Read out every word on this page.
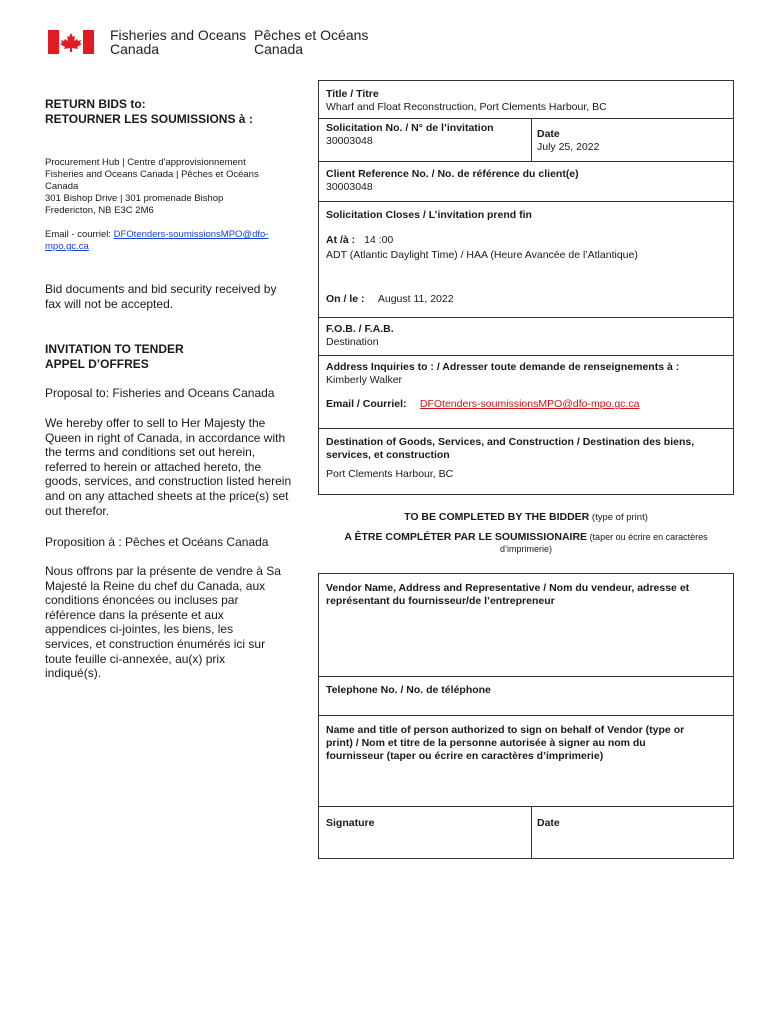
Fisheries and Oceans
Canada
Pêches et Océans
Canada
RETURN BIDS to:
RETOURNER LES SOUMISSIONS à :
Procurement Hub | Centre d'approvisionnement
Fisheries and Oceans Canada | Pêches et Océans
Canada
301 Bishop Drive | 301 promenade Bishop
Fredericton, NB E3C 2M6
Email - courriel: DFOtenders-soumissionsMPO@dfo-
mpo.gc.ca
Bid documents and bid security received by
fax will not be accepted.
INVITATION TO TENDER
APPEL D’OFFRES
Proposal to: Fisheries and Oceans Canada
We hereby offer to sell to Her Majesty the
Queen in right of Canada, in accordance with
the terms and conditions set out herein,
referred to herein or attached hereto, the
goods, services, and construction listed herein
and on any attached sheets at the price(s) set
out therefor.
Proposition à : Pêches et Océans Canada
Nous offrons par la présente de vendre à Sa
Majesté la Reine du chef du Canada, aux
conditions énoncées ou incluses par
référence dans la présente et aux
appendices ci-jointes, les biens, les
services, et construction énumérés ici sur
toute feuille ci-annexée, au(x) prix
indiqué(s).
Title / Titre
Wharf and Float Reconstruction, Port Clements Harbour, BC
Solicitation No. / N° de l’invitation
30003048
Date
July 25, 2022
Client Reference No. / No. de référence du client(e)
30003048
Solicitation Closes / L’invitation prend fin
At /à : 14 :00
ADT (Atlantic Daylight Time) / HAA (Heure Avancée de l’Atlantique)
On / le : August 11, 2022
F.O.B. / F.A.B.
Destination
Address Inquiries to : / Adresser toute demande de renseignements à :
Kimberly Walker
Email / Courriel: DFOtenders-soumissionsMPO@dfo-mpo.gc.ca
Destination of Goods, Services, and Construction / Destination des biens,
services, et construction
Port Clements Harbour, BC
TO BE COMPLETED BY THE BIDDER (type of print)
A ÊTRE COMPLÉTER PAR LE SOUMISSIONAIRE (taper ou écrire en caractères
d’imprimerie)
Vendor Name, Address and Representative / Nom du vendeur, adresse et
représentant du fournisseur/de l’entrepreneur
Telephone No. / No. de téléphone
Name and title of person authorized to sign on behalf of Vendor (type or
print) / Nom et titre de la personne autorisée à signer au nom du
fournisseur (taper ou écrire en caractères d’imprimerie)
Signature	Date
